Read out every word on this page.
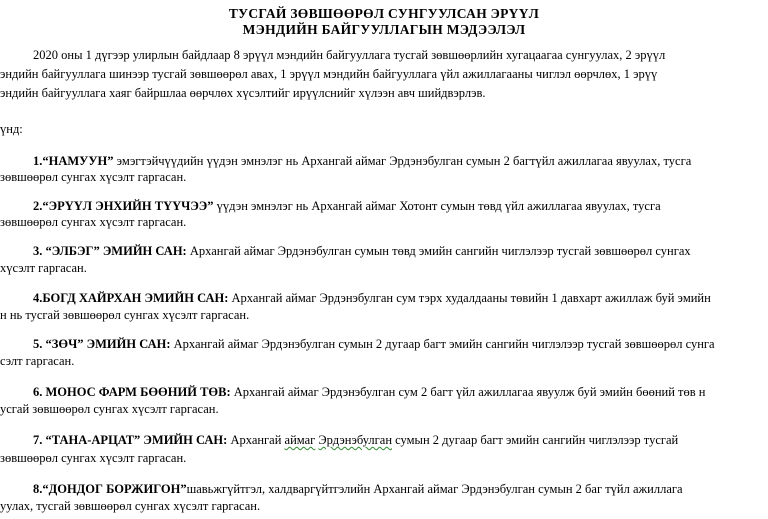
ТУСГАЙ ЗӨВШӨӨРӨЛ СУНГУУЛСАН ЭРҮҮЛ
МЭНДИЙН БАЙГУУЛЛАГЫН МЭДЭЭЛЭЛ
2020 оны 1 дүгээр улирлын байдлаар 8 эрүүл мэндийн байгууллага тусгай зөвшөөрлийн хугацаагаа сунгуулах, 2 эрүүл
эндийн байгууллага шинээр тусгай зөвшөөрөл авах, 1 эрүүл мэндийн байгууллага үйл ажиллагааны чиглэл өөрчлөх, 1 эрүү
эндийн байгууллага хаяг байршлаа өөрчлөх хүсэлтийг ирүүлснийг хүлээн авч шийдвэрлэв.
үнд:
1.“НАМУУН” эмэгтэйчүүдийн үүдэн эмнэлэг нь Архангай аймаг Эрдэнэбулган сумын 2 багтүйл ажиллагаа явуулах, тусга
зөвшөөрөл сунгах хүсэлт гаргасан.
2.“ЭРҮҮЛ ЭНХИЙН ТҮҮЧЭЭ” үүдэн эмнэлэг нь Архангай аймаг Хотонт сумын төвд үйл ажиллагаа явуулах, тусга
зөвшөөрөл сунгах хүсэлт гаргасан.
3. “ЭЛБЭГ” ЭМИЙН САН: Архангай аймаг Эрдэнэбулган сумын төвд эмийн сангийн чиглэлээр тусгай зөвшөөрөл сунгах
хүсэлт гаргасан.
4.БОГД ХАЙРХАН ЭМИЙН САН: Архангай аймаг Эрдэнэбулган сум тэрх худалдааны төвийн 1 давхарт ажиллаж буй эмийн
н нь тусгай зөвшөөрөл сунгах хүсэлт гаргасан.
5. “ЗӨЧ” ЭМИЙН САН: Архангай аймаг Эрдэнэбулган сумын 2 дугаар багт эмийн сангийн чиглэлээр тусгай зөвшөөрөл сунга
сэлт гаргасан.
6. МОНОС ФАРМ БӨӨНИЙ ТӨВ: Архангай аймаг Эрдэнэбулган сум 2 багт үйл ажиллагаа явуулж буй эмийн бөөний төв н
усгай зөвшөөрөл сунгах хүсэлт гаргасан.
7. “ТАНА-АРЦАТ” ЭМИЙН САН: Архангай аймаг Эрдэнэбулган сумын 2 дугаар багт эмийн сангийн чиглэлээр тусгай
зөвшөөрөл сунгах хүсэлт гаргасан.
8.“ДОНДОГ БОРЖИГОН”шавьжгүйтгэл, халдваргүйтгэлийн Архангай аймаг Эрдэнэбулган сумын 2 баг түйл ажиллага
уулах, тусгай зөвшөөрөл сунгах хүсэлт гаргасан.
